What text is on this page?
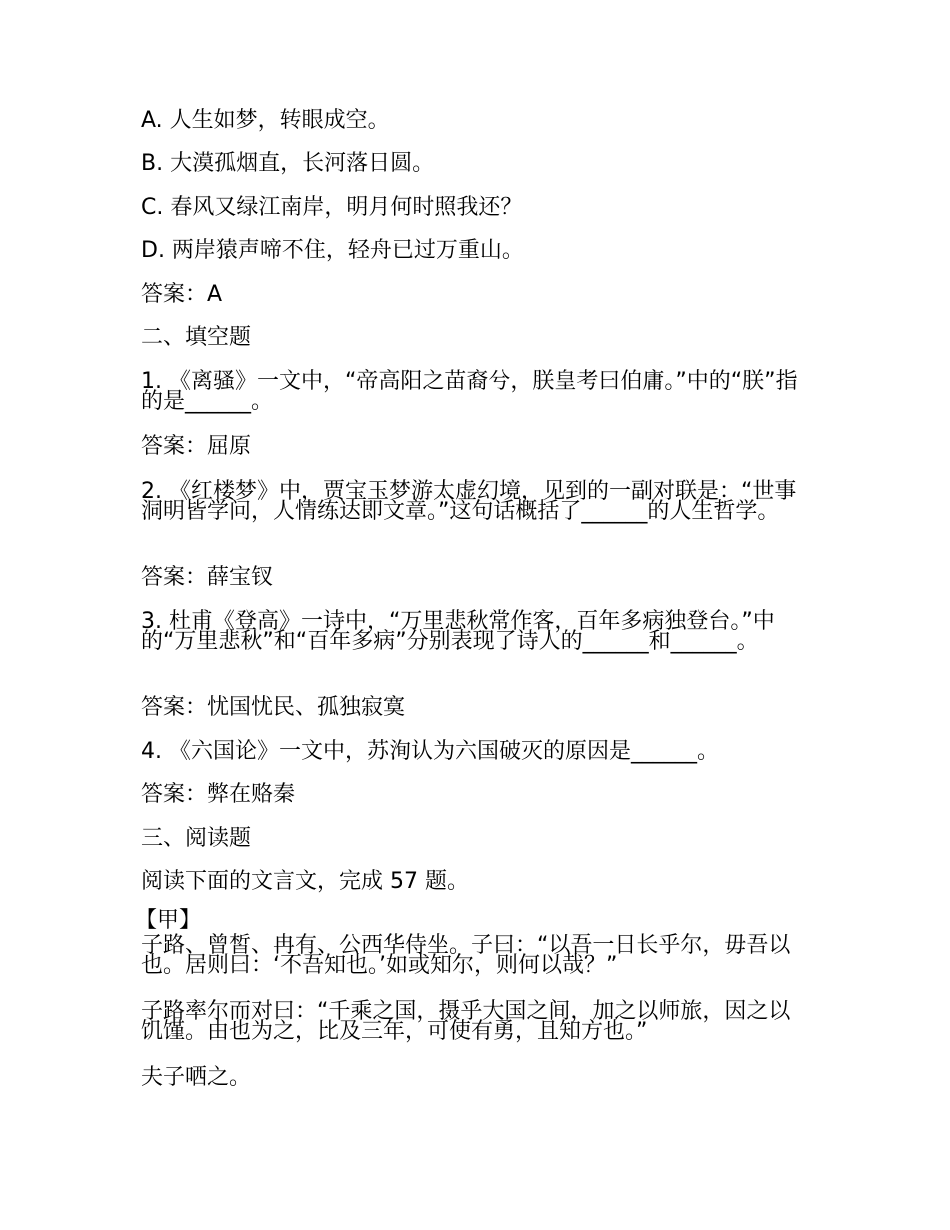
A. 人生如梦，转眼成空。
B. 大漠孤烟直，长河落日圆。
C. 春风又绿江南岸，明月何时照我还？
D. 两岸猿声啼不住，轻舟已过万重山。
答案：A
二、填空题
1. 《离骚》一文中，“帝高阳之苗裔兮，朕皇考曰伯庸。”中的“朕”指的是______。
答案：屈原
2. 《红楼梦》中，贾宝玉梦游太虚幻境，见到的一副对联是：“世事洞明皆学问，人情练达即文章。”这句话概括了______的人生哲学。
答案：薛宝钗
3. 杜甫《登高》一诗中，“万里悲秋常作客，百年多病独登台。”中的“万里悲秋”和“百年多病”分别表现了诗人的______和______。
答案：忧国忧民、孤独寂寞
4. 《六国论》一文中，苏洵认为六国破灭的原因是______。
答案：弊在赂秦
三、阅读题
阅读下面的文言文，完成 57 题。
【甲】
子路、曾皙、冉有、公西华侍坐。子曰：“以吾一日长乎尔，毋吾以也。居则曰：‘不吾知也。’如或知尔，则何以哉？”
子路率尔而对曰：“千乘之国，摄乎大国之间，加之以师旅，因之以饥馑。由也为之，比及三年，可使有勇，且知方也。”
夫子哂之。
